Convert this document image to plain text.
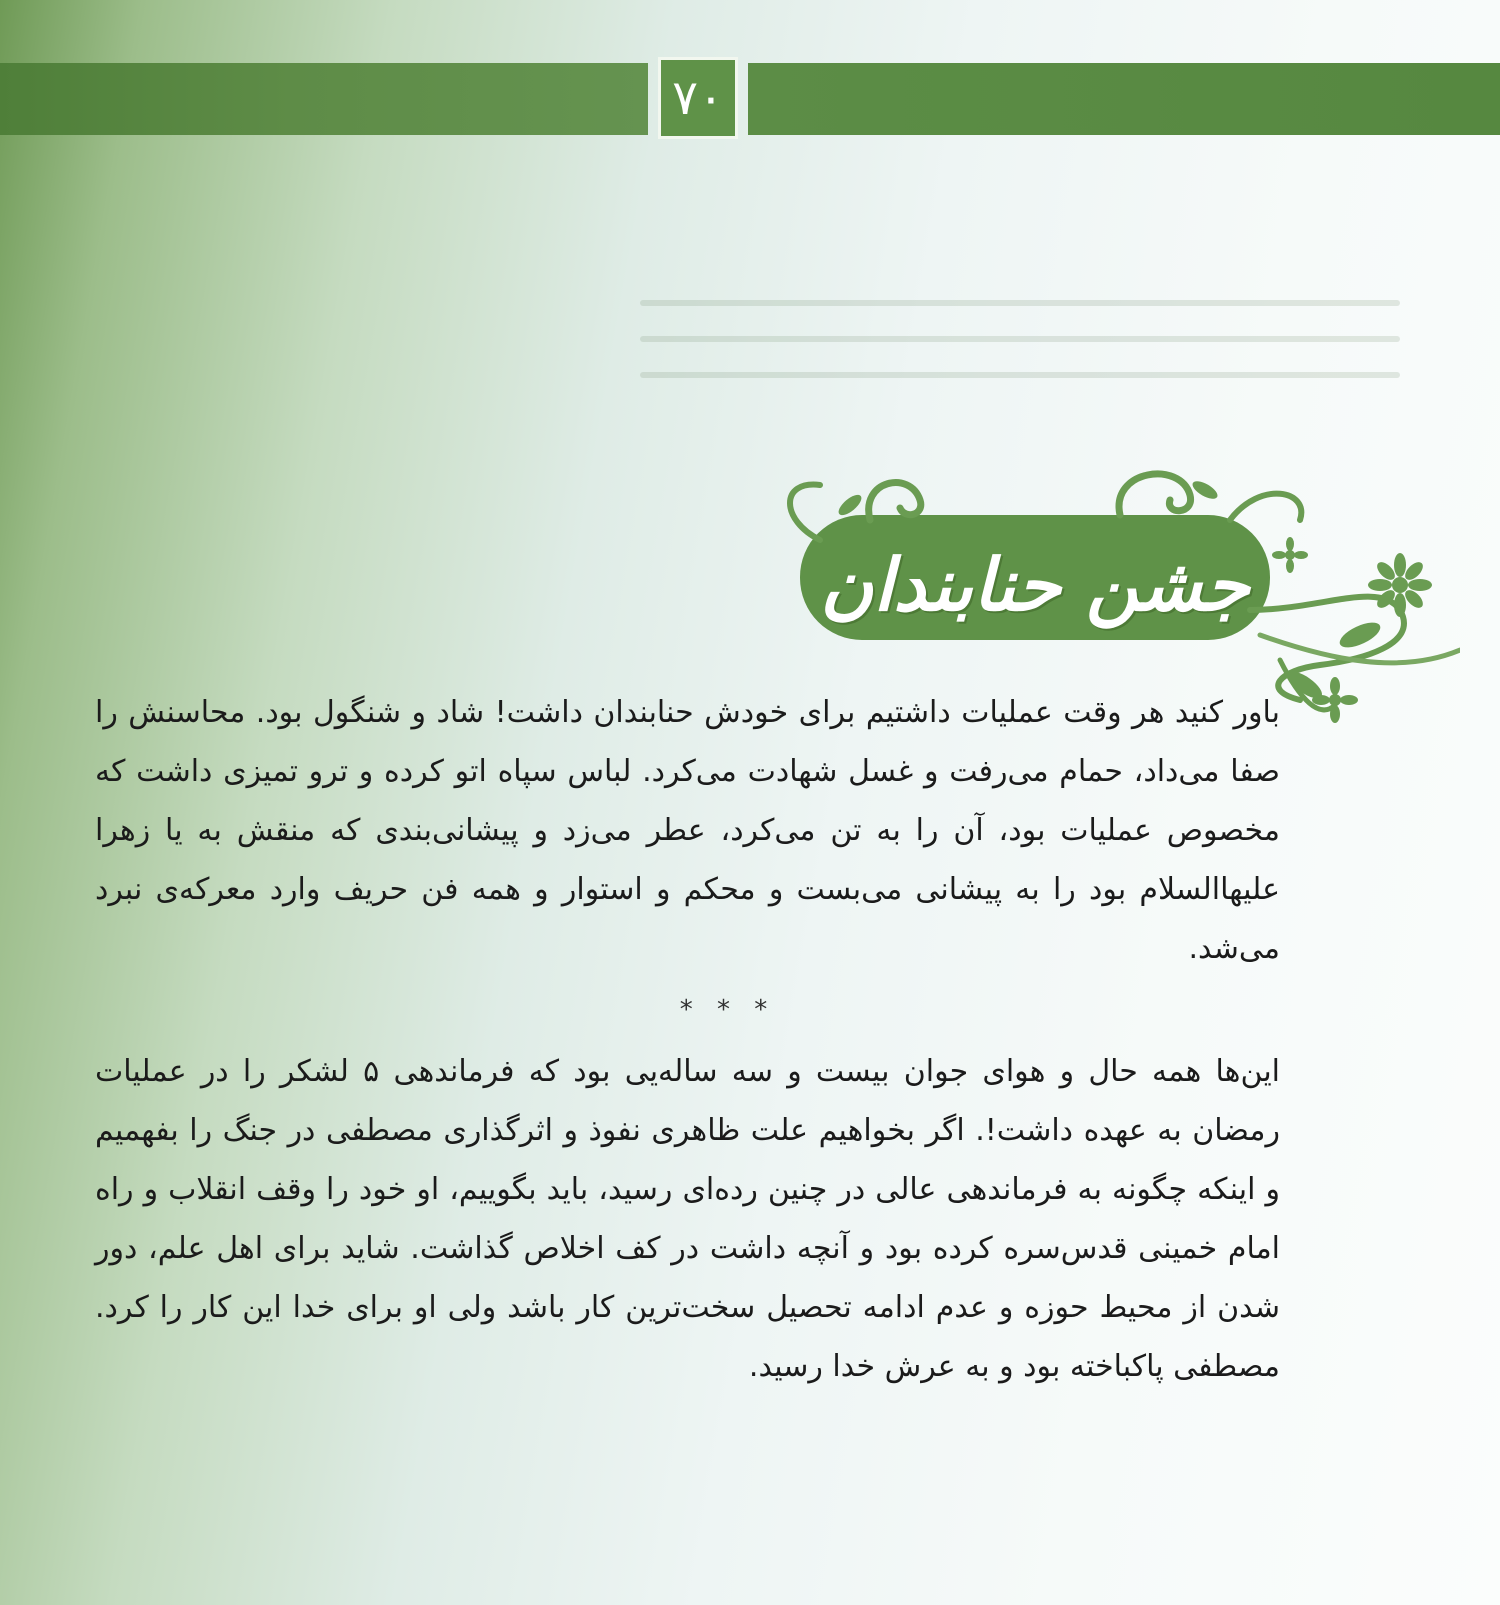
۷۰
جشن حنابندان

باور کنید هر وقت عملیات داشتیم برای خودش حنابندان داشت! شاد و شنگول بود. محاسنش را صفا می‌داد، حمام می‌رفت و غسل شهادت می‌کرد. لباس سپاه اتو کرده و ترو تمیزی داشت که مخصوص عملیات بود، آن را به تن می‌کرد، عطر می‌زد و پیشانی‌بندی که منقش به یا زهرا علیهاالسلام بود را به پیشانی می‌بست و محکم و استوار و همه فن حریف وارد معرکه‌ی نبرد می‌شد.

* * *

این‌ها همه حال و هوای جوان بیست و سه ساله‌یی بود که فرماندهی ۵ لشکر را در عملیات رمضان به عهده داشت!. اگر بخواهیم علت ظاهری نفوذ و اثرگذاری مصطفی در جنگ را بفهمیم و اینکه چگونه به فرماندهی عالی در چنین رده‌ای رسید، باید بگوییم، او خود را وقف انقلاب و راه امام خمینی قدس‌سره کرده بود و آنچه داشت در کف اخلاص گذاشت. شاید برای اهل علم، دور شدن از محیط حوزه و عدم ادامه تحصیل سخت‌ترین کار باشد ولی او برای خدا این کار را کرد. مصطفی پاکباخته بود و به عرش خدا رسید.
